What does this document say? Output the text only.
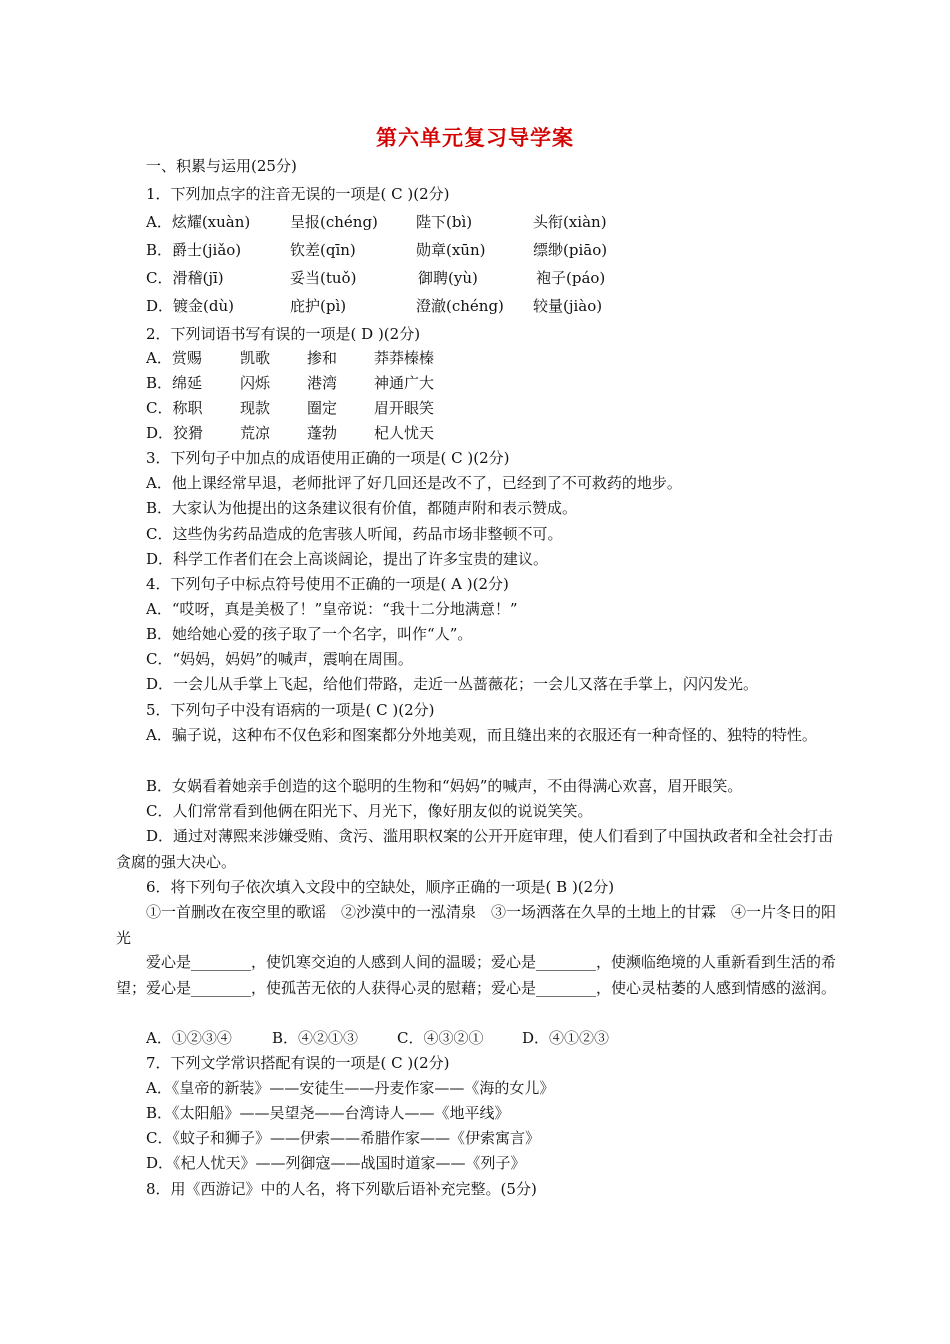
第六单元复习导学案
一、积累与运用(25分)
1．下列加点字的注音无误的一项是( C )(2分)
A．炫耀(xuàn)	呈报(chéng)	陛下(bì)	头衔(xiàn)
B．爵士(jiǎo)	钦差(qīn)	勋章(xūn)	缥缈(piāo)
C．滑稽(jī)	妥当(tuǒ)	御聘(yù)	袍子(páo)
D．镀金(dù)	庇护(pì)	澄澈(chéng) 较量(jiào)
2．下列词语书写有误的一项是( D )(2分)
A．赏赐	凯歌 掺和 莽莽榛榛
B．绵延	闪烁 港湾 神通广大
C．称职	现款 圈定 眉开眼笑
D．狡猾 荒凉 蓬勃 杞人忧天
3．下列句子中加点的成语使用正确的一项是( C )(2分)
A．他上课经常早退，老师批评了好几回还是改不了，已经到了不可救药的地步。
B．大家认为他提出的这条建议很有价值，都随声附和表示赞成。
C．这些伪劣药品造成的危害骇人听闻，药品市场非整顿不可。
D．科学工作者们在会上高谈阔论，提出了许多宝贵的建议。
4．下列句子中标点符号使用不正确的一项是( A )(2分)
A．“哎呀，真是美极了！”皇帝说：“我十二分地满意！”
B．她给她心爱的孩子取了一个名字，叫作“人”。
C．“妈妈，妈妈”的喊声，震响在周围。
D．一会儿从手掌上飞起，给他们带路，走近一丛蔷薇花；一会儿又落在手掌上，闪闪发光。
5．下列句子中没有语病的一项是( C )(2分)
A．骗子说，这种布不仅色彩和图案都分外地美观，而且缝出来的衣服还有一种奇怪的、独特的特性。
B．女娲看着她亲手创造的这个聪明的生物和“妈妈”的喊声，不由得满心欢喜，眉开眼笑。
C．人们常常看到他俩在阳光下、月光下，像好朋友似的说说笑笑。
D．通过对薄熙来涉嫌受贿、贪污、滥用职权案的公开开庭审理，使人们看到了中国执政者和全社会打击贪腐的强大决心。
6．将下列句子依次填入文段中的空缺处，顺序正确的一项是( B )(2分)
①一首删改在夜空里的歌谣　②沙漠中的一泓清泉　③一场洒落在久旱的土地上的甘霖　④一片冬日的阳光
爱心是________，使饥寒交迫的人感到人间的温暖；爱心是________，使濒临绝境的人重新看到生活的希望；爱心是________，使孤苦无依的人获得心灵的慰藉；爱心是________，使心灵枯萎的人感到情感的滋润。
A．①②③④	B．④②①③	C．④③②①	D．④①②③
7．下列文学常识搭配有误的一项是( C )(2分)
A．《皇帝的新装》——安徒生——丹麦作家——《海的女儿》
B．《太阳船》——吴望尧——台湾诗人——《地平线》
C．《蚊子和狮子》——伊索——希腊作家——《伊索寓言》
D．《杞人忧天》——列御寇——战国时道家——《列子》
8．用《西游记》中的人名，将下列歇后语补充完整。(5分)
